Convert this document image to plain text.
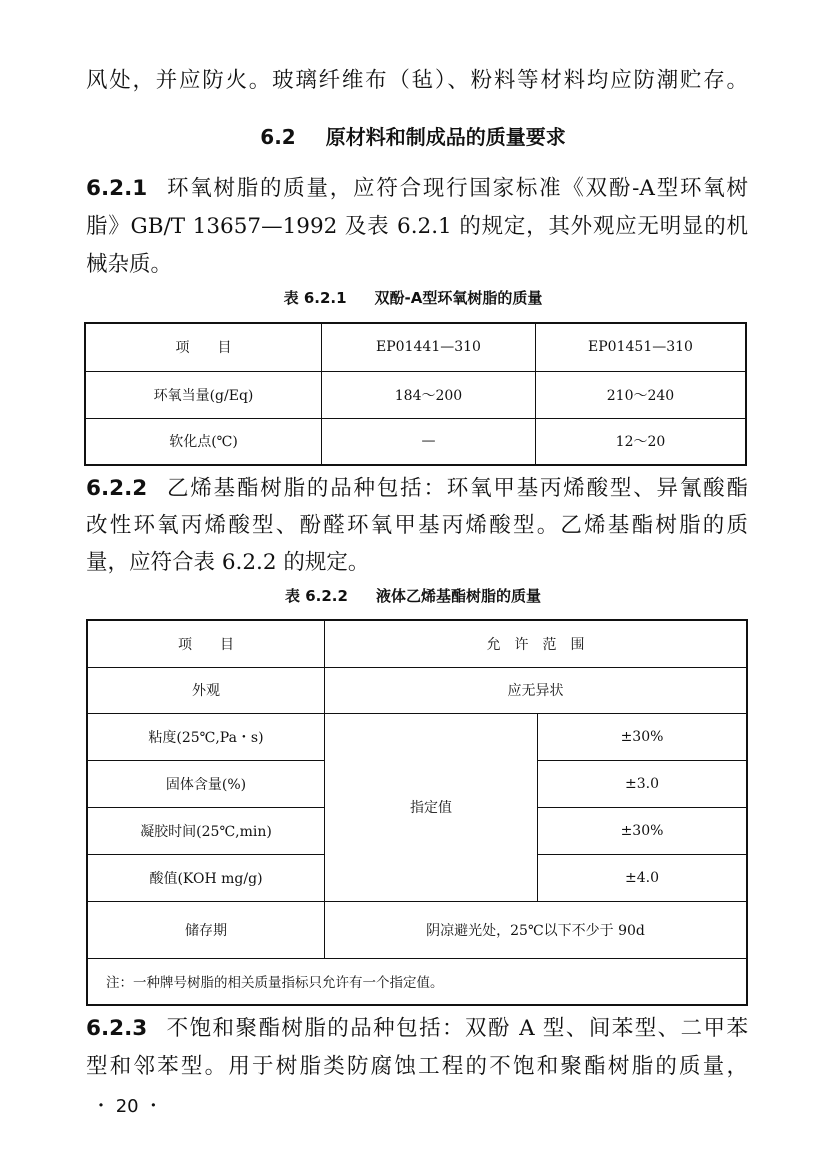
风处，并应防火。玻璃纤维布（毡）、粉料等材料均应防潮贮存。
6.2 原材料和制成品的质量要求
6.2.1 环氧树脂的质量，应符合现行国家标准《双酚-A型环氧树
脂》GB/T 13657—1992 及表 6.2.1 的规定，其外观应无明显的机
械杂质。
表 6.2.1 双酚-A型环氧树脂的质量
项　　目	EP01441—310	EP01451—310
环氧当量(g/Eq)	184～200	210～240
软化点(℃)	—	12～20
6.2.2 乙烯基酯树脂的品种包括：环氧甲基丙烯酸型、异氰酸酯
改性环氧丙烯酸型、酚醛环氧甲基丙烯酸型。乙烯基酯树脂的质
量，应符合表 6.2.2 的规定。
表 6.2.2 液体乙烯基酯树脂的质量
项　　目	允　许　范　围	
外观	应无异状	
粘度(25℃,Pa・s)	指定值	±30%
固体含量(%)		±3.0
凝胶时间(25℃,min)		±30%
酸值(KOH mg/g)		±4.0
储存期	阴凉避光处，25℃以下不少于 90d	
注：一种牌号树脂的相关质量指标只允许有一个指定值。		
6.2.3 不饱和聚酯树脂的品种包括：双酚 A 型、间苯型、二甲苯
型和邻苯型。用于树脂类防腐蚀工程的不饱和聚酯树脂的质量，
・ 20 ・
